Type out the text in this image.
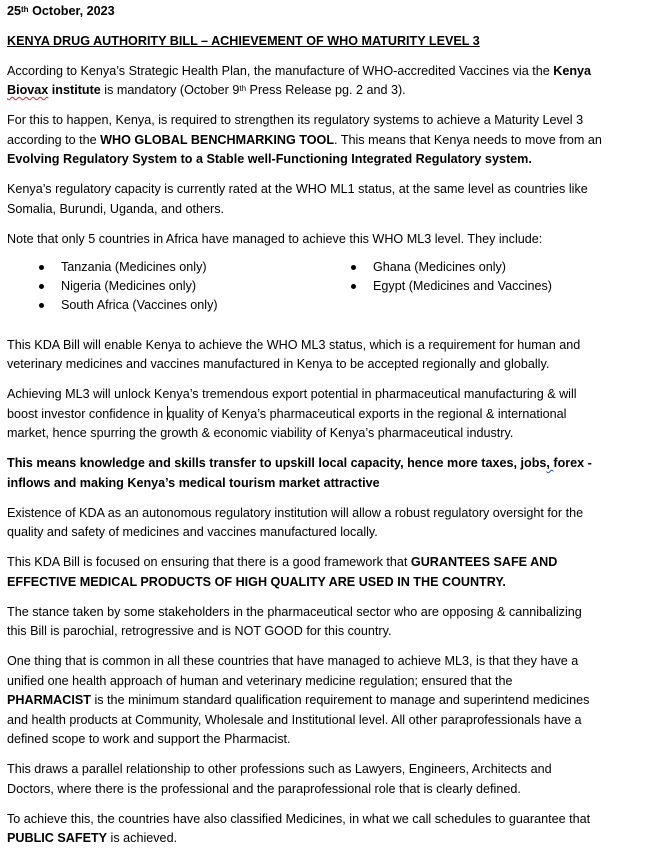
25th October, 2023
KENYA DRUG AUTHORITY BILL – ACHIEVEMENT OF WHO MATURITY LEVEL 3
According to Kenya’s Strategic Health Plan, the manufacture of WHO-accredited Vaccines via the Kenya
Biovax institute is mandatory (October 9th Press Release pg. 2 and 3).
For this to happen, Kenya, is required to strengthen its regulatory systems to achieve a Maturity Level 3
according to the WHO GLOBAL BENCHMARKING TOOL. This means that Kenya needs to move from an
Evolving Regulatory System to a Stable well-Functioning Integrated Regulatory system.
Kenya’s regulatory capacity is currently rated at the WHO ML1 status, at the same level as countries like
Somalia, Burundi, Uganda, and others.
Note that only 5 countries in Africa have managed to achieve this WHO ML3 level. They include:
Tanzania (Medicines only)
Nigeria (Medicines only)
South Africa (Vaccines only)
Ghana (Medicines only)
Egypt (Medicines and Vaccines)
This KDA Bill will enable Kenya to achieve the WHO ML3 status, which is a requirement for human and
veterinary medicines and vaccines manufactured in Kenya to be accepted regionally and globally.
Achieving ML3 will unlock Kenya’s tremendous export potential in pharmaceutical manufacturing & will
boost investor confidence in quality of Kenya’s pharmaceutical exports in the regional & international
market, hence spurring the growth & economic viability of Kenya’s pharmaceutical industry.
This means knowledge and skills transfer to upskill local capacity, hence more taxes, jobs, forex -
inflows and making Kenya’s medical tourism market attractive
Existence of KDA as an autonomous regulatory institution will allow a robust regulatory oversight for the
quality and safety of medicines and vaccines manufactured locally.
This KDA Bill is focused on ensuring that there is a good framework that GURANTEES SAFE AND
EFFECTIVE MEDICAL PRODUCTS OF HIGH QUALITY ARE USED IN THE COUNTRY.
The stance taken by some stakeholders in the pharmaceutical sector who are opposing & cannibalizing
this Bill is parochial, retrogressive and is NOT GOOD for this country.
One thing that is common in all these countries that have managed to achieve ML3, is that they have a
unified one health approach of human and veterinary medicine regulation; ensured that the
PHARMACIST is the minimum standard qualification requirement to manage and superintend medicines
and health products at Community, Wholesale and Institutional level. All other paraprofessionals have a
defined scope to work and support the Pharmacist.
This draws a parallel relationship to other professions such as Lawyers, Engineers, Architects and
Doctors, where there is the professional and the paraprofessional role that is clearly defined.
To achieve this, the countries have also classified Medicines, in what we call schedules to guarantee that
PUBLIC SAFETY is achieved.
